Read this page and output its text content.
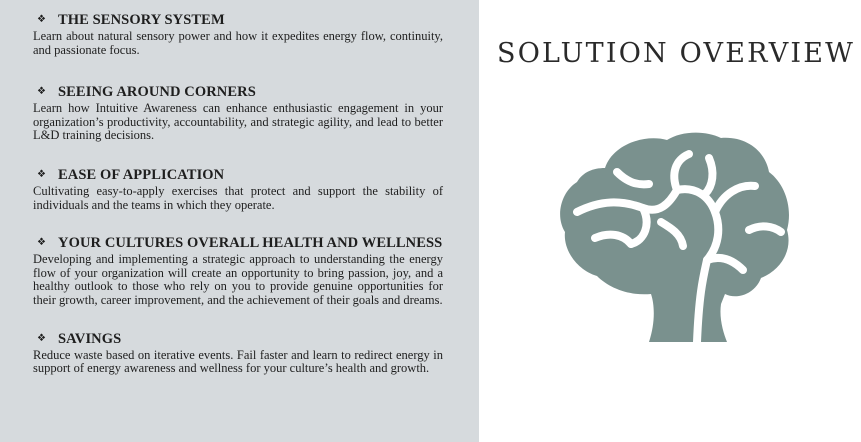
❖ THE SENSORY SYSTEM

Learn about natural sensory power and how it expedites energy flow, continuity, and passionate focus.

❖ SEEING AROUND CORNERS

Learn how Intuitive Awareness can enhance enthusiastic engagement in your organization’s productivity, accountability, and strategic agility, and lead to better L&D training decisions.

❖ EASE OF APPLICATION

Cultivating easy-to-apply exercises that protect and support the stability of individuals and the teams in which they operate.

❖ YOUR CULTURES OVERALL HEALTH AND WELLNESS

Developing and implementing a strategic approach to understanding the energy flow of your organization will create an opportunity to bring passion, joy, and a healthy outlook to those who rely on you to provide genuine opportunities for their growth, career improvement, and the achievement of their goals and dreams.

❖ SAVINGS

Reduce waste based on iterative events. Fail faster and learn to redirect energy in support of energy awareness and wellness for your culture’s health and growth.

SOLUTION OVERVIEW
